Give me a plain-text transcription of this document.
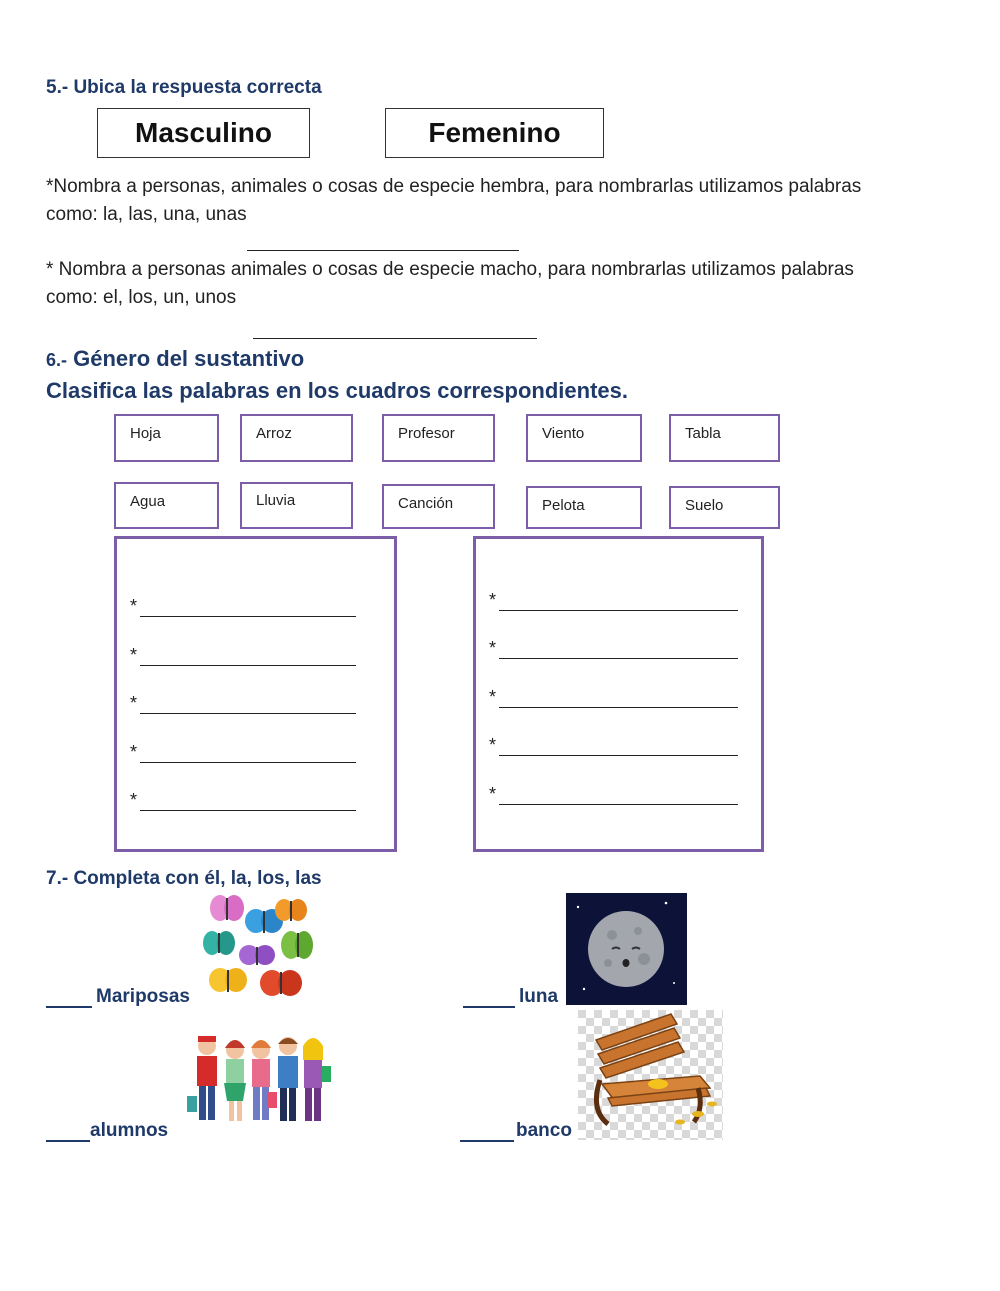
5.- Ubica la respuesta correcta
Masculino	Femenino
*Nombra a personas, animales o cosas de especie hembra, para nombrarlas utilizamos palabras
como: la, las, una, unas
* Nombra a personas animales o cosas de especie macho, para nombrarlas utilizamos palabras
como: el, los, un, unos
6.- Género del sustantivo
Clasifica las palabras en los cuadros correspondientes.
Hoja	Arroz	Profesor	Viento	Tabla
Agua	Lluvia	Canción	Pelota	Suelo
*
*
*
*
*
*
*
*
*
*
7.- Completa con él, la, los, las
Mariposas	luna
alumnos	banco
